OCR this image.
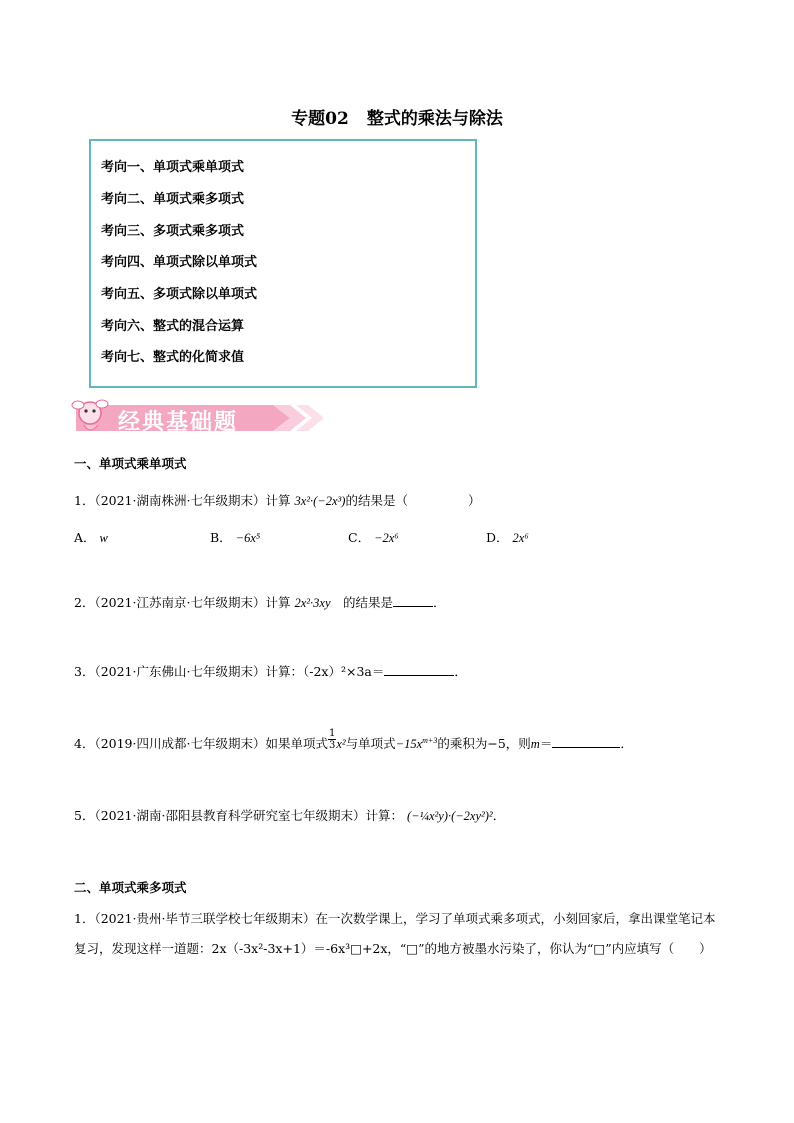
专题02 整式的乘法与除法
考向一、单项式乘单项式
考向二、单项式乘多项式
考向三、多项式乘多项式
考向四、单项式除以单项式
考向五、多项式除以单项式
考向六、整式的混合运算
考向七、整式的化简求值
经典基础题
一、单项式乘单项式
1．（2021·湖南株洲·七年级期末）计算 3x²·(−2x³)的结果是（	）
A． w	B． −6x⁵	C． −2x⁶	D． 2x⁶
2．（2021·江苏南京·七年级期末）计算 2x²·3xy　 的结果是	．
3．（2021·广东佛山·七年级期末）计算：（-2x）²×3a＝	．
4．（2019·四川成都·七年级期末）如果单项式 $\frac{1}{3} x^2$与单项式$-15x^{m+3}$的乘积为−5，则m＝	．
5．（2021·湖南·邵阳县教育科学研究室七年级期末）计算： (−¼x²y)·(−2xy²)²．
二、单项式乘多项式
1．（2021·贵州·毕节三联学校七年级期末）在一次数学课上，学习了单项式乘多项式，小刻回家后，拿出课堂笔记本复习，发现这样一道题：2x（-3x²-3x+1）＝-6x³□+2x，“□”的地方被墨水污染了，你认为“□”内应填写（　　）
